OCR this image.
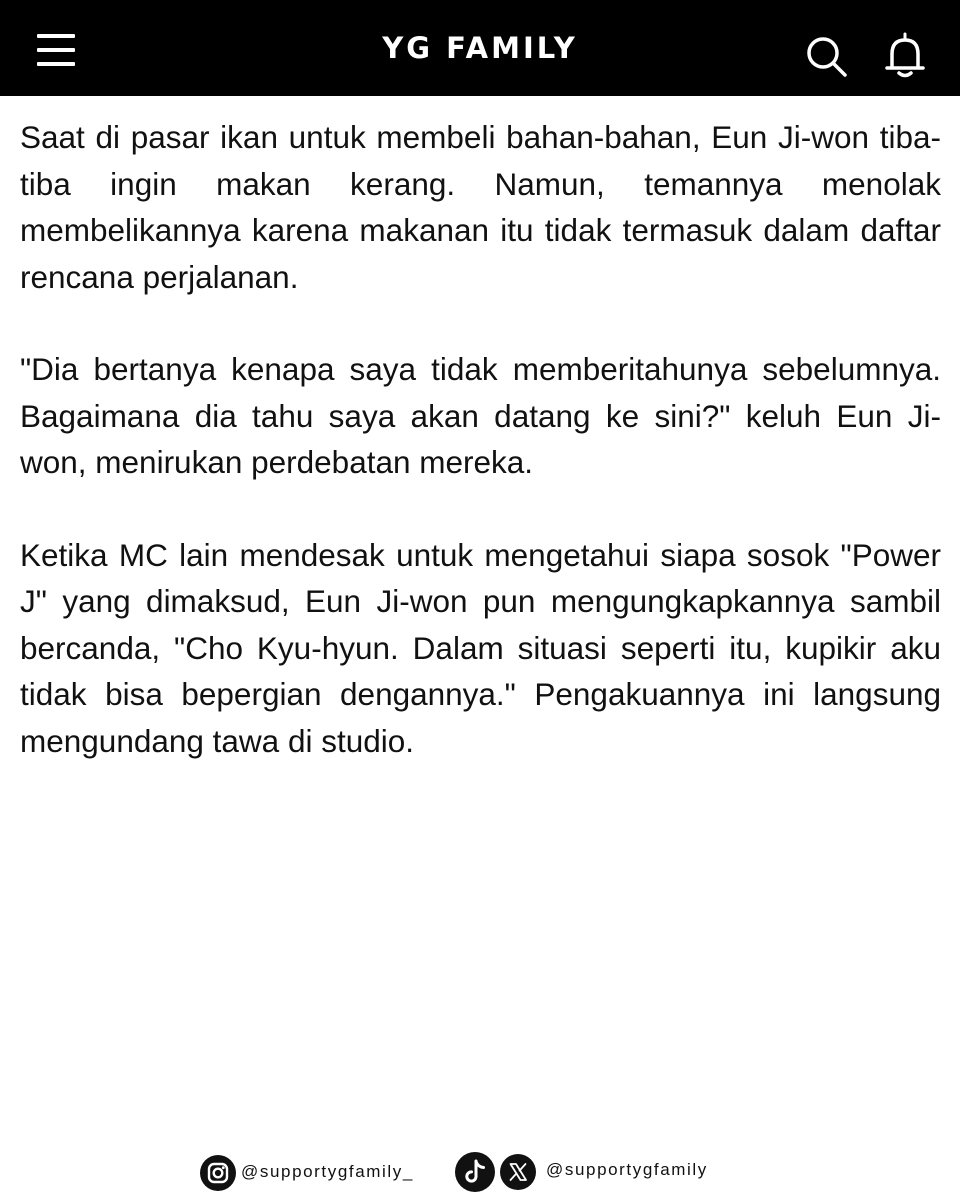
YG FAMILY

Saat di pasar ikan untuk membeli bahan-bahan, Eun Ji-won tiba-tiba ingin makan kerang. Namun, temannya menolak membelikannya karena makanan itu tidak termasuk dalam daftar rencana perjalanan.

"Dia bertanya kenapa saya tidak memberitahunya sebelumnya. Bagaimana dia tahu saya akan datang ke sini?" keluh Eun Ji-won, menirukan perdebatan mereka.

Ketika MC lain mendesak untuk mengetahui siapa sosok "Power J" yang dimaksud, Eun Ji-won pun mengungkapkannya sambil bercanda, "Cho Kyu-hyun. Dalam situasi seperti itu, kupikir aku tidak bisa bepergian dengannya." Pengakuannya ini langsung mengundang tawa di studio.

@supportygfamily_	@supportygfamily
